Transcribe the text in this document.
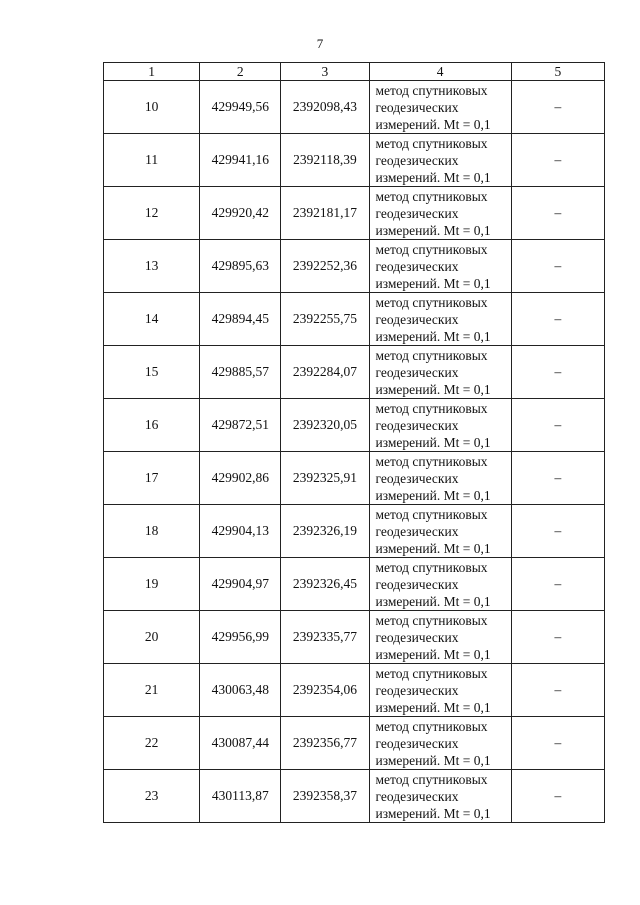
7
1	2	3	4	5
10	429949,56	2392098,43	метод спутниковых
геодезических
измерений. Mt = 0,1	–
11	429941,16	2392118,39	метод спутниковых
геодезических
измерений. Mt = 0,1	–
12	429920,42	2392181,17	метод спутниковых
геодезических
измерений. Mt = 0,1	–
13	429895,63	2392252,36	метод спутниковых
геодезических
измерений. Mt = 0,1	–
14	429894,45	2392255,75	метод спутниковых
геодезических
измерений. Mt = 0,1	–
15	429885,57	2392284,07	метод спутниковых
геодезических
измерений. Mt = 0,1	–
16	429872,51	2392320,05	метод спутниковых
геодезических
измерений. Mt = 0,1	–
17	429902,86	2392325,91	метод спутниковых
геодезических
измерений. Mt = 0,1	–
18	429904,13	2392326,19	метод спутниковых
геодезических
измерений. Mt = 0,1	–
19	429904,97	2392326,45	метод спутниковых
геодезических
измерений. Mt = 0,1	–
20	429956,99	2392335,77	метод спутниковых
геодезических
измерений. Mt = 0,1	–
21	430063,48	2392354,06	метод спутниковых
геодезических
измерений. Mt = 0,1	–
22	430087,44	2392356,77	метод спутниковых
геодезических
измерений. Mt = 0,1	–
23	430113,87	2392358,37	метод спутниковых
геодезических
измерений. Mt = 0,1	–
